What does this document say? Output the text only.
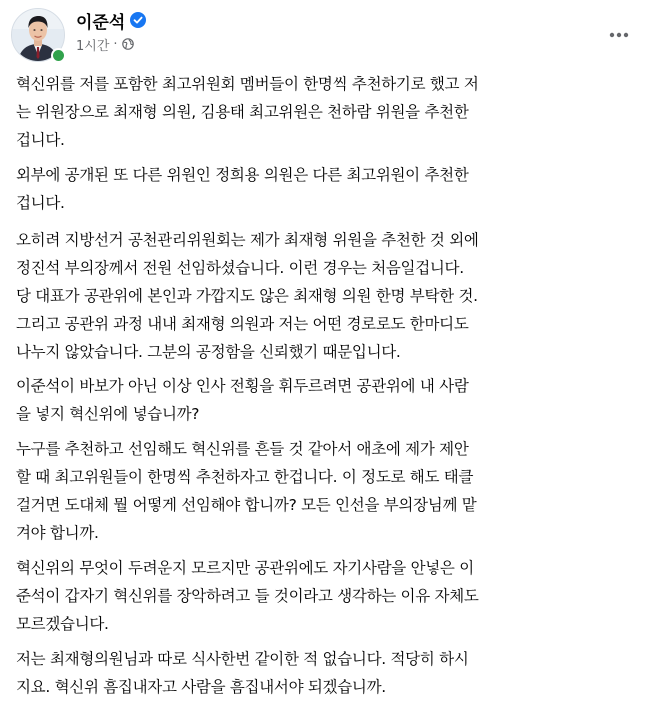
이준석
1시간 ·

혁신위를 저를 포함한 최고위원회 멤버들이 한명씩 추천하기로 했고 저
는 위원장으로 최재형 의원, 김용태 최고위원은 천하람 위원을 추천한
겁니다.

외부에 공개된 또 다른 위원인 정희용 의원은 다른 최고위원이 추천한
겁니다.

오히려 지방선거 공천관리위원회는 제가 최재형 위원을 추천한 것 외에
정진석 부의장께서 전원 선임하셨습니다. 이런 경우는 처음일겁니다.
당 대표가 공관위에 본인과 가깝지도 않은 최재형 의원 한명 부탁한 것.
그리고 공관위 과정 내내 최재형 의원과 저는 어떤 경로로도 한마디도
나누지 않았습니다. 그분의 공정함을 신뢰했기 때문입니다.

이준석이 바보가 아닌 이상 인사 전횡을 휘두르려면 공관위에 내 사람
을 넣지 혁신위에 넣습니까?

누구를 추천하고 선임해도 혁신위를 흔들 것 같아서 애초에 제가 제안
할 때 최고위원들이 한명씩 추천하자고 한겁니다. 이 정도로 해도 태클
걸거면 도대체 뭘 어떻게 선임해야 합니까? 모든 인선을 부의장님께 맡
겨야 합니까.

혁신위의 무엇이 두려운지 모르지만 공관위에도 자기사람을 안넣은 이
준석이 갑자기 혁신위를 장악하려고 들 것이라고 생각하는 이유 자체도
모르겠습니다.

저는 최재형의원님과 따로 식사한번 같이한 적 없습니다. 적당히 하시
지요. 혁신위 흠집내자고 사람을 흠집내서야 되겠습니까.
